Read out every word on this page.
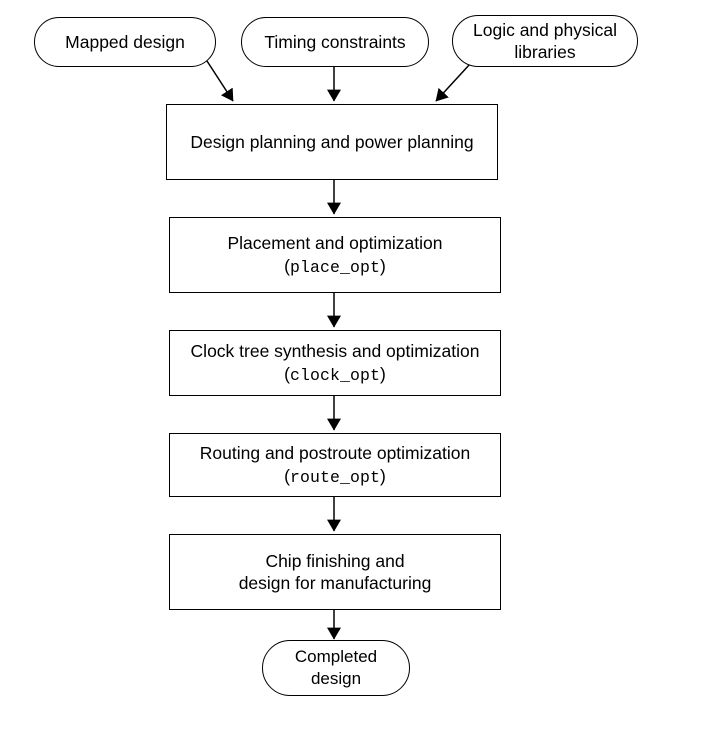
Mapped design	Timing constraints
Logic and physical
libraries
Design planning and power planning
Placement and optimization
(place_opt)
Clock tree synthesis and optimization
(clock_opt)
Routing and postroute optimization
(route_opt)
Chip finishing and
design for manufacturing
Completed
design
